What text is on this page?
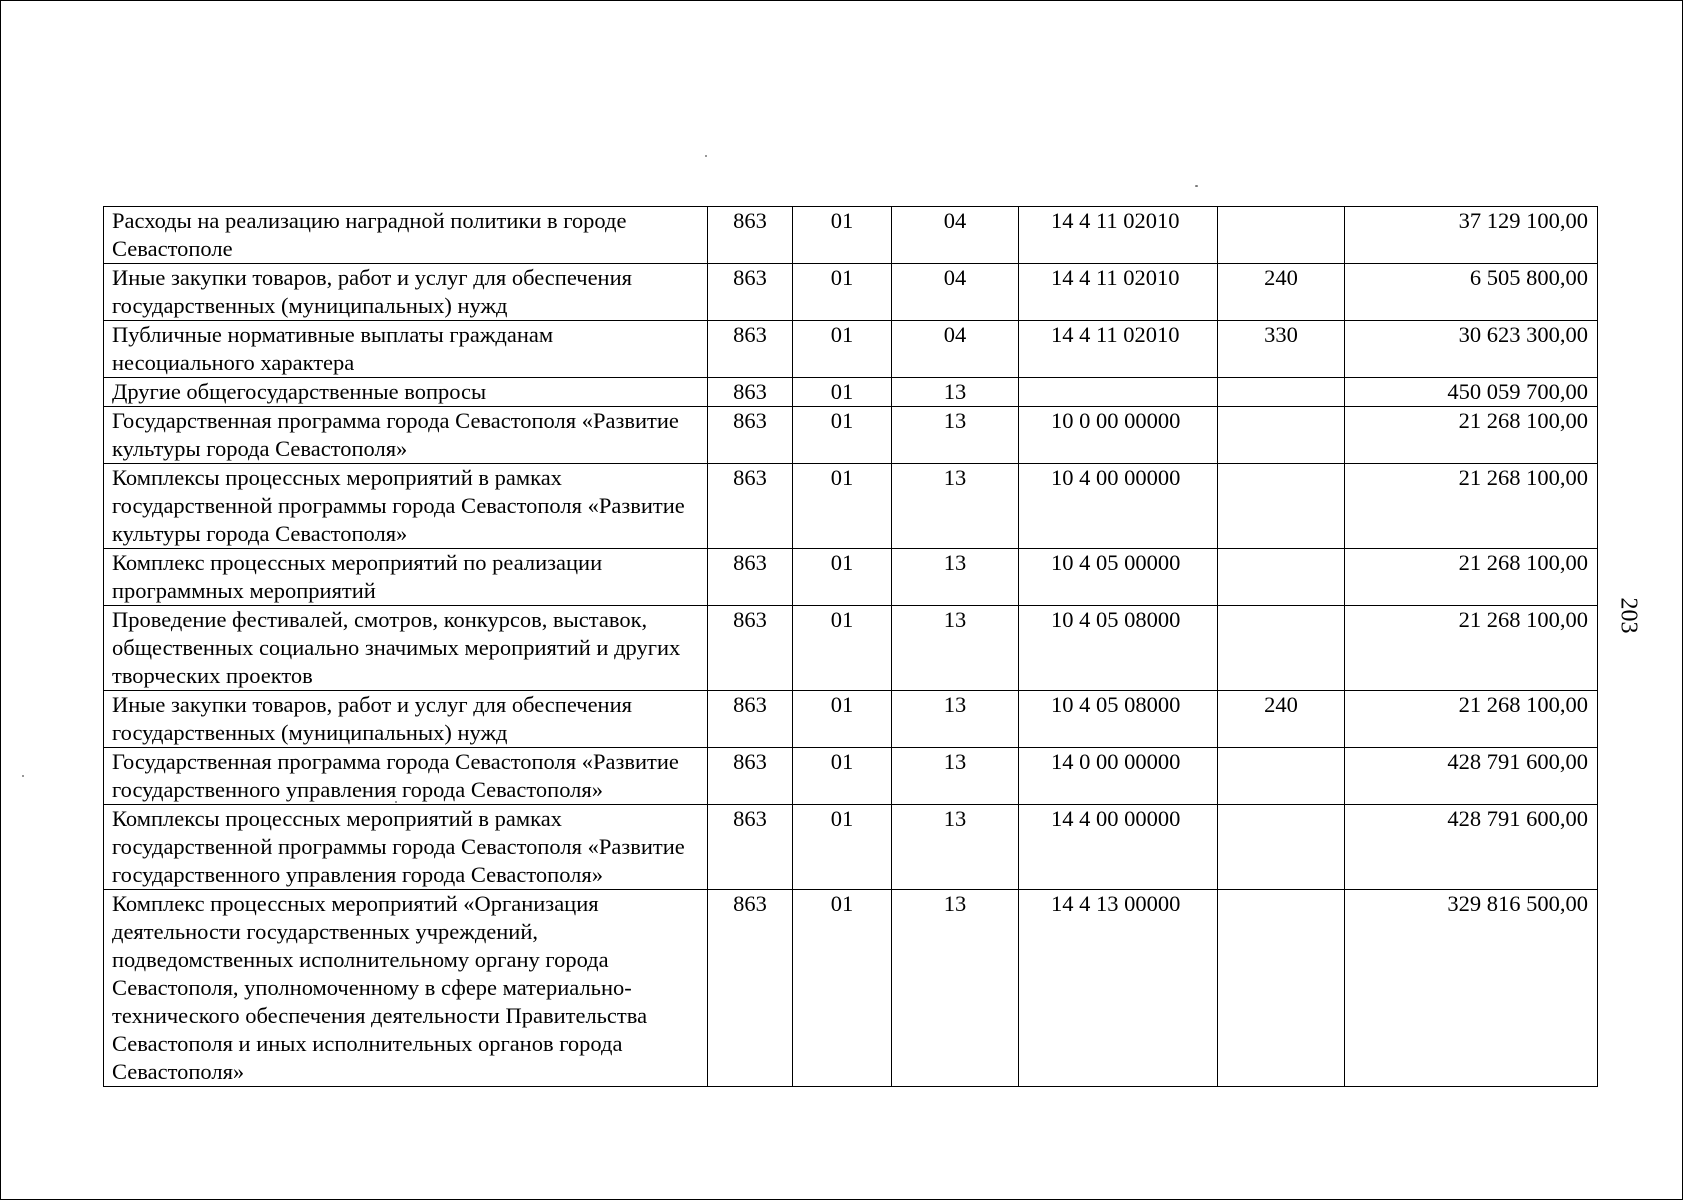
Расходы на реализацию наградной политики в городе Севастополе	863	01	04	14 4 11 02010		37 129 100,00
Иные закупки товаров, работ и услуг для обеспечения государственных (муниципальных) нужд	863	01	04	14 4 11 02010	240	6 505 800,00
Публичные нормативные выплаты гражданам несоциального характера	863	01	04	14 4 11 02010	330	30 623 300,00
Другие общегосударственные вопросы	863	01	13			450 059 700,00
Государственная программа города Севастополя «Развитие культуры города Севастополя»	863	01	13	10 0 00 00000		21 268 100,00
Комплексы процессных мероприятий в рамках государственной программы города Севастополя «Развитие культуры города Севастополя»	863	01	13	10 4 00 00000		21 268 100,00
Комплекс процессных мероприятий по реализации программных мероприятий	863	01	13	10 4 05 00000		21 268 100,00
Проведение фестивалей, смотров, конкурсов, выставок, общественных социально значимых мероприятий и других творческих проектов	863	01	13	10 4 05 08000		21 268 100,00
Иные закупки товаров, работ и услуг для обеспечения государственных (муниципальных) нужд	863	01	13	10 4 05 08000	240	21 268 100,00
Государственная программа города Севастополя «Развитие государственного управления города Севастополя»	863	01	13	14 0 00 00000		428 791 600,00
Комплексы процессных мероприятий в рамках государственной программы города Севастополя «Развитие государственного управления города Севастополя»	863	01	13	14 4 00 00000		428 791 600,00
Комплекс процессных мероприятий «Организация деятельности государственных учреждений, подведомственных исполнительному органу города Севастополя, уполномоченному в сфере материально-технического обеспечения деятельности Правительства Севастополя и иных исполнительных органов города Севастополя»	863	01	13	14 4 13 00000		329 816 500,00
203
